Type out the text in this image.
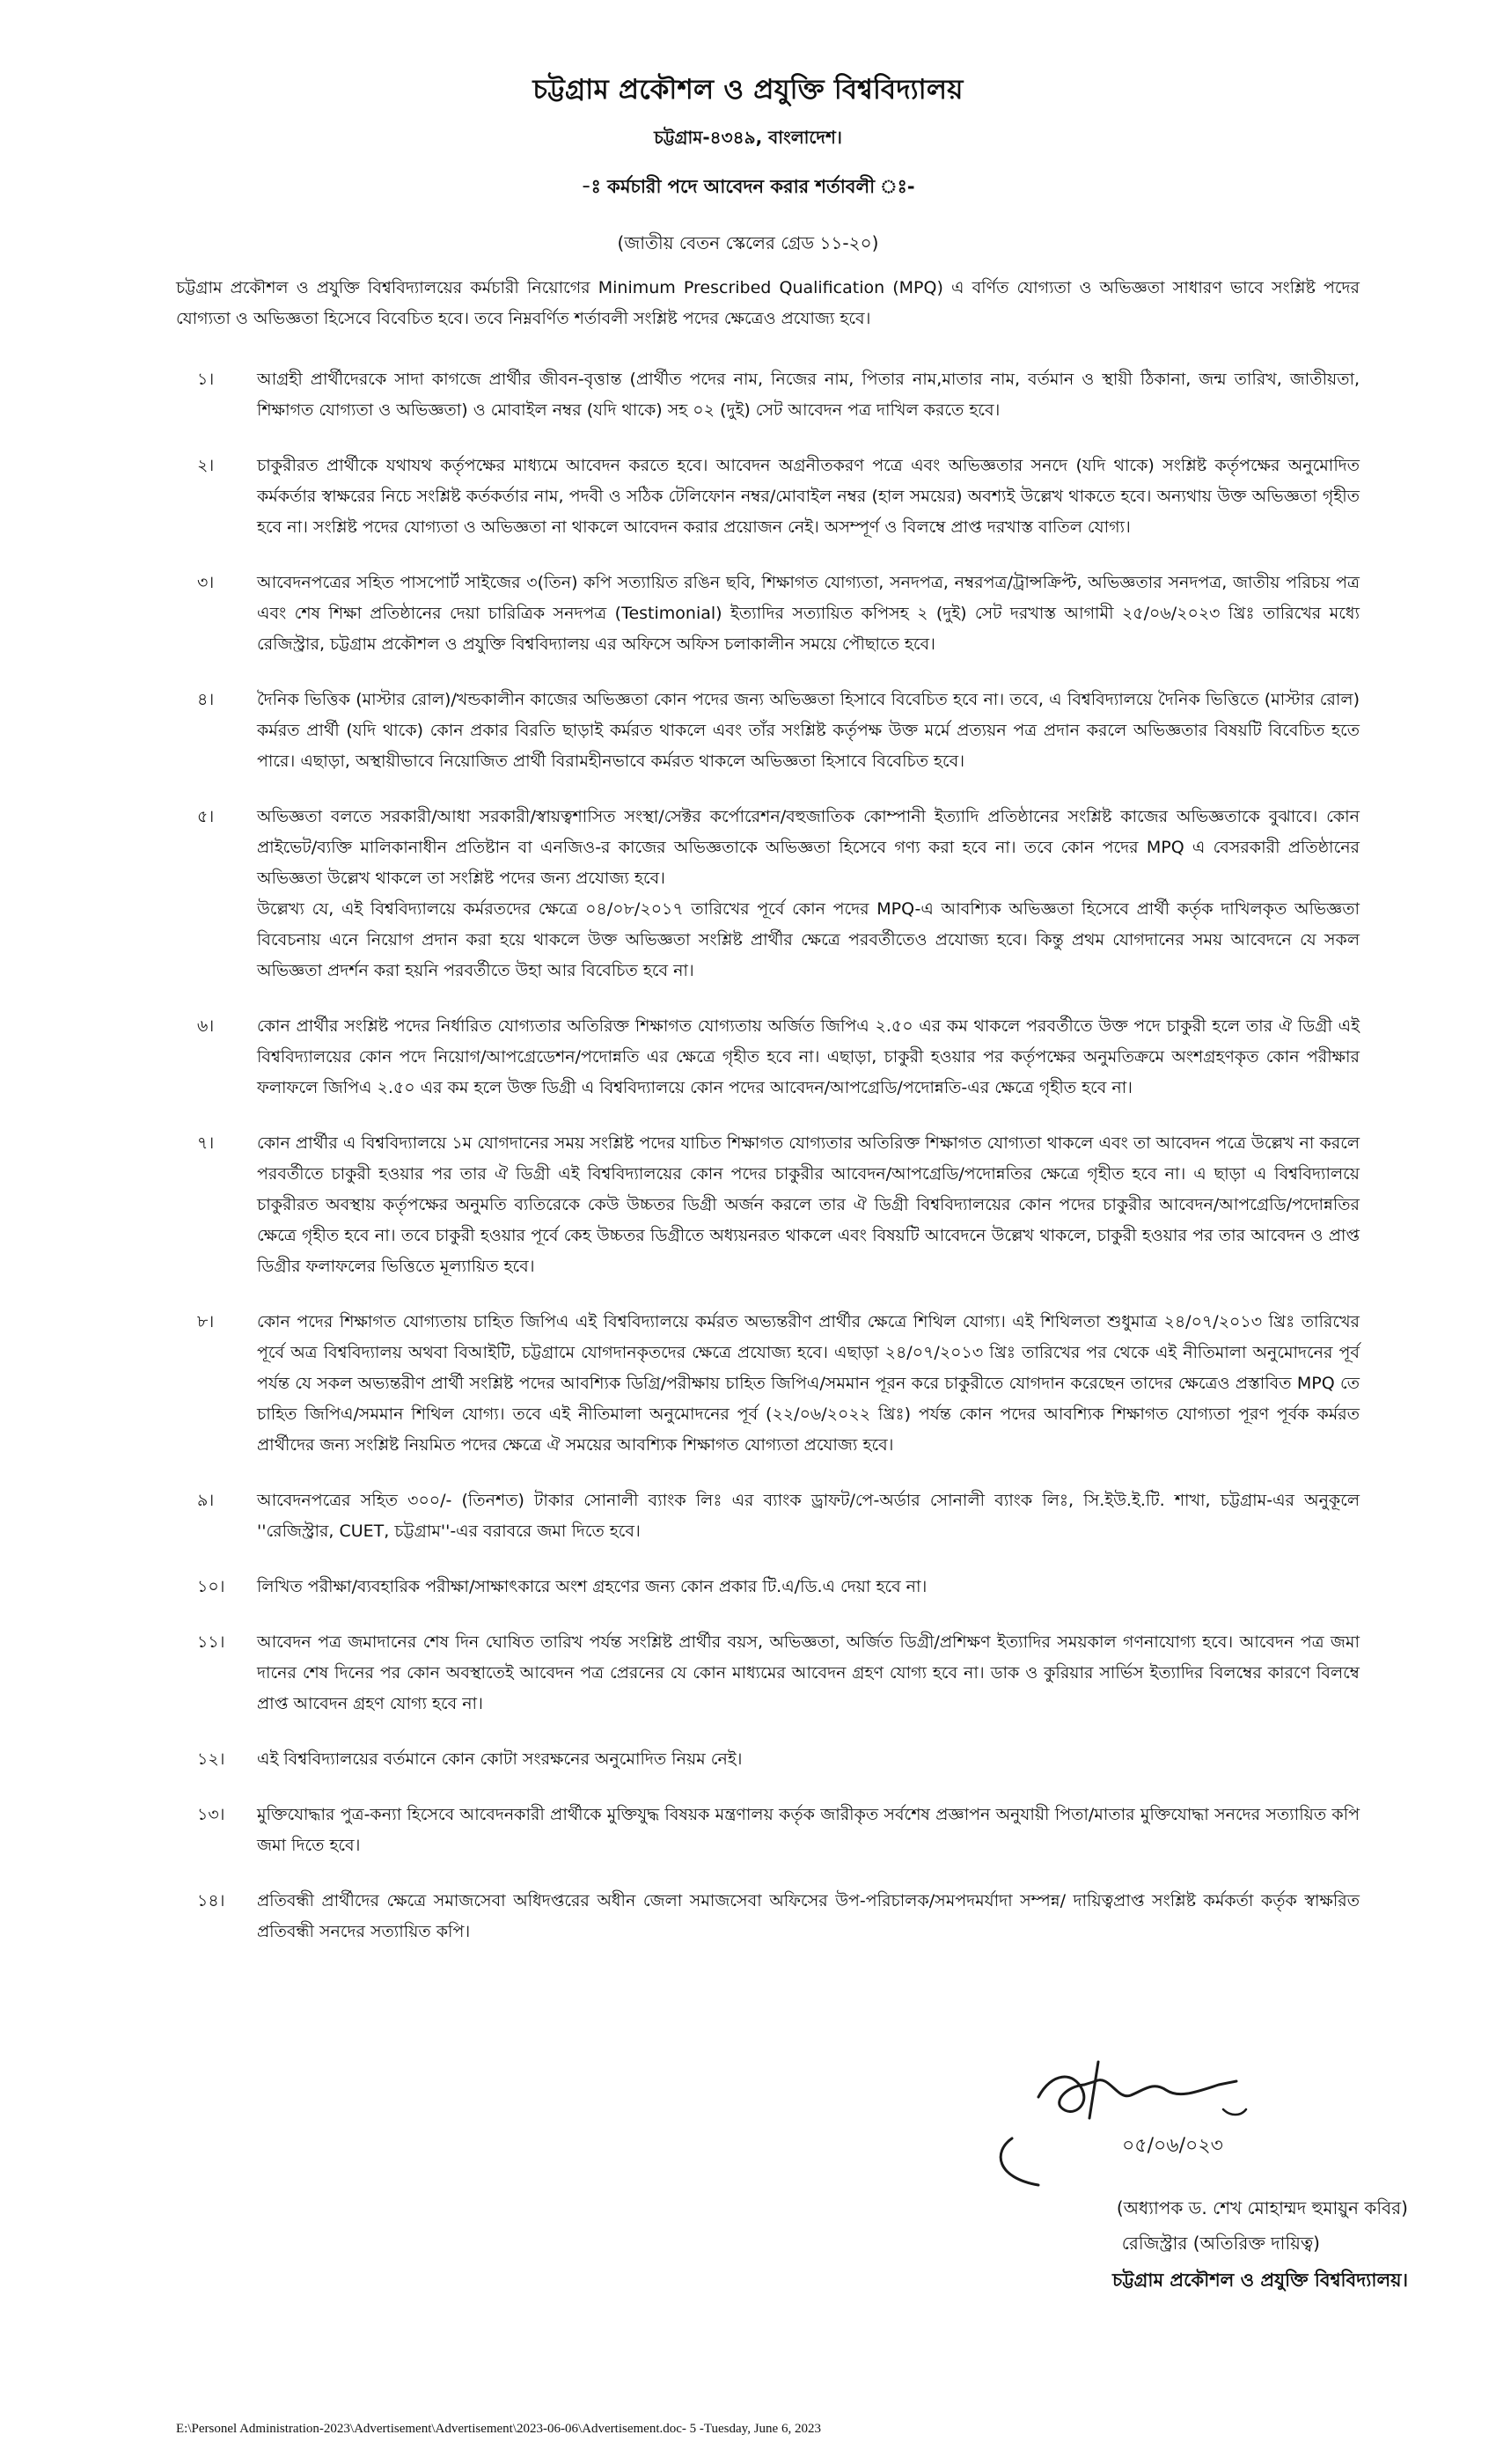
চট্টগ্রাম প্রকৌশল ও প্রযুক্তি বিশ্ববিদ্যালয়
চট্টগ্রাম-৪৩৪৯, বাংলাদেশ।
-ঃ কর্মচারী পদে আবেদন করার শর্তাবলী ঃ-
(জাতীয় বেতন স্কেলের গ্রেড ১১-২০)
চট্টগ্রাম প্রকৌশল ও প্রযুক্তি বিশ্ববিদ্যালয়ের কর্মচারী নিয়োগের Minimum Prescribed Qualification (MPQ) এ বর্ণিত যোগ্যতা ও অভিজ্ঞতা সাধারণ ভাবে সংশ্লিষ্ট পদের যোগ্যতা ও অভিজ্ঞতা হিসেবে বিবেচিত হবে। তবে নিম্নবর্ণিত শর্তাবলী সংশ্লিষ্ট পদের ক্ষেত্রেও প্রযোজ্য হবে।
১।	আগ্রহী প্রার্থীদেরকে সাদা কাগজে প্রার্থীর জীবন-বৃত্তান্ত (প্রার্থীত পদের নাম, নিজের নাম, পিতার নাম,মাতার নাম, বর্তমান ও স্থায়ী ঠিকানা, জন্ম তারিখ, জাতীয়তা, শিক্ষাগত যোগ্যতা ও অভিজ্ঞতা) ও মোবাইল নম্বর (যদি থাকে) সহ ০২ (দুই) সেট আবেদন পত্র দাখিল করতে হবে।
২।	চাকুরীরত প্রার্থীকে যথাযথ কর্তৃপক্ষের মাধ্যমে আবেদন করতে হবে। আবেদন অগ্রনীতকরণ পত্রে এবং অভিজ্ঞতার সনদে (যদি থাকে) সংশ্লিষ্ট কর্তৃপক্ষের অনুমোদিত কর্মকর্তার স্বাক্ষরের নিচে সংশ্লিষ্ট কর্তকর্তার নাম, পদবী ও সঠিক টেলিফোন নম্বর/মোবাইল নম্বর (হাল সময়ের) অবশ্যই উল্লেখ থাকতে হবে। অন্যথায় উক্ত অভিজ্ঞতা গৃহীত হবে না। সংশ্লিষ্ট পদের যোগ্যতা ও অভিজ্ঞতা না থাকলে আবেদন করার প্রয়োজন নেই। অসম্পূর্ণ ও বিলম্বে প্রাপ্ত দরখাস্ত বাতিল যোগ্য।
৩।	আবেদনপত্রের সহিত পাসপোর্ট সাইজের ৩(তিন) কপি সত্যায়িত রঙিন ছবি, শিক্ষাগত যোগ্যতা, সনদপত্র, নম্বরপত্র/ট্রান্সক্রিপ্ট, অভিজ্ঞতার সনদপত্র, জাতীয় পরিচয় পত্র এবং শেষ শিক্ষা প্রতিষ্ঠানের দেয়া চারিত্রিক সনদপত্র (Testimonial) ইত্যাদির সত্যায়িত কপিসহ ২ (দুই) সেট দরখাস্ত আগামী ২৫/০৬/২০২৩ খ্রিঃ তারিখের মধ্যে রেজিস্ট্রার, চট্টগ্রাম প্রকৌশল ও প্রযুক্তি বিশ্ববিদ্যালয় এর অফিসে অফিস চলাকালীন সময়ে পৌছাতে হবে।
৪।	দৈনিক ভিত্তিক (মাস্টার রোল)/খন্ডকালীন কাজের অভিজ্ঞতা কোন পদের জন্য অভিজ্ঞতা হিসাবে বিবেচিত হবে না। তবে, এ বিশ্ববিদ্যালয়ে দৈনিক ভিত্তিতে (মাস্টার রোল) কর্মরত প্রার্থী (যদি থাকে) কোন প্রকার বিরতি ছাড়াই কর্মরত থাকলে এবং তাঁর সংশ্লিষ্ট কর্তৃপক্ষ উক্ত মর্মে প্রত্যয়ন পত্র প্রদান করলে অভিজ্ঞতার বিষয়টি বিবেচিত হতে পারে। এছাড়া, অস্থায়ীভাবে নিয়োজিত প্রার্থী বিরামহীনভাবে কর্মরত থাকলে অভিজ্ঞতা হিসাবে বিবেচিত হবে।
৫।	অভিজ্ঞতা বলতে সরকারী/আধা সরকারী/স্বায়ত্বশাসিত সংস্থা/সেক্টর কর্পোরেশন/বহুজাতিক কোম্পানী ইত্যাদি প্রতিষ্ঠানের সংশ্লিষ্ট কাজের অভিজ্ঞতাকে বুঝাবে। কোন প্রাইভেট/ব্যক্তি মালিকানাধীন প্রতিষ্টান বা এনজিও-র কাজের অভিজ্ঞতাকে অভিজ্ঞতা হিসেবে গণ্য করা হবে না। তবে কোন পদের MPQ এ বেসরকারী প্রতিষ্ঠানের অভিজ্ঞতা উল্লেখ থাকলে তা সংশ্লিষ্ট পদের জন্য প্রযোজ্য হবে।
উল্লেখ্য যে, এই বিশ্ববিদ্যালয়ে কর্মরতদের ক্ষেত্রে ০৪/০৮/২০১৭ তারিখের পূর্বে কোন পদের MPQ-এ আবশ্যিক অভিজ্ঞতা হিসেবে প্রার্থী কর্তৃক দাখিলকৃত অভিজ্ঞতা বিবেচনায় এনে নিয়োগ প্রদান করা হয়ে থাকলে উক্ত অভিজ্ঞতা সংশ্লিষ্ট প্রার্থীর ক্ষেত্রে পরবর্তীতেও প্রযোজ্য হবে। কিন্তু প্রথম যোগদানের সময় আবেদনে যে সকল অভিজ্ঞতা প্রদর্শন করা হয়নি পরবর্তীতে উহা আর বিবেচিত হবে না।
৬।	কোন প্রার্থীর সংশ্লিষ্ট পদের নির্ধারিত যোগ্যতার অতিরিক্ত শিক্ষাগত যোগ্যতায় অর্জিত জিপিএ ২.৫০ এর কম থাকলে পরবর্তীতে উক্ত পদে চাকুরী হলে তার ঐ ডিগ্রী এই বিশ্ববিদ্যালয়ের কোন পদে নিয়োগ/আপগ্রেডেশন/পদোন্নতি এর ক্ষেত্রে গৃহীত হবে না। এছাড়া, চাকুরী হওয়ার পর কর্তৃপক্ষের অনুমতিক্রমে অংশগ্রহণকৃত কোন পরীক্ষার ফলাফলে জিপিএ ২.৫০ এর কম হলে উক্ত ডিগ্রী এ বিশ্ববিদ্যালয়ে কোন পদের আবেদন/আপগ্রেডি/পদোন্নতি-এর ক্ষেত্রে গৃহীত হবে না।
৭।	কোন প্রার্থীর এ বিশ্ববিদ্যালয়ে ১ম যোগদানের সময় সংশ্লিষ্ট পদের যাচিত শিক্ষাগত যোগ্যতার অতিরিক্ত শিক্ষাগত যোগ্যতা থাকলে এবং তা আবেদন পত্রে উল্লেখ না করলে পরবর্তীতে চাকুরী হওয়ার পর তার ঐ ডিগ্রী এই বিশ্ববিদ্যালয়ের কোন পদের চাকুরীর আবেদন/আপগ্রেডি/পদোন্নতির ক্ষেত্রে গৃহীত হবে না। এ ছাড়া এ বিশ্ববিদ্যালয়ে চাকুরীরত অবস্থায় কর্তৃপক্ষের অনুমতি ব্যতিরেকে কেউ উচ্চতর ডিগ্রী অর্জন করলে তার ঐ ডিগ্রী বিশ্ববিদ্যালয়ের কোন পদের চাকুরীর আবেদন/আপগ্রেডি/পদোন্নতির ক্ষেত্রে গৃহীত হবে না। তবে চাকুরী হওয়ার পূর্বে কেহ উচ্চতর ডিগ্রীতে অধ্যয়নরত থাকলে এবং বিষয়টি আবেদনে উল্লেখ থাকলে, চাকুরী হওয়ার পর তার আবেদন ও প্রাপ্ত ডিগ্রীর ফলাফলের ভিত্তিতে মূল্যায়িত হবে।
৮।	কোন পদের শিক্ষাগত যোগ্যতায় চাহিত জিপিএ এই বিশ্ববিদ্যালয়ে কর্মরত অভ্যন্তরীণ প্রার্থীর ক্ষেত্রে শিথিল যোগ্য। এই শিথিলতা শুধুমাত্র ২৪/০৭/২০১৩ খ্রিঃ তারিখের পূর্বে অত্র বিশ্ববিদ্যালয় অথবা বিআইটি, চট্টগ্রামে যোগদানকৃতদের ক্ষেত্রে প্রযোজ্য হবে। এছাড়া ২৪/০৭/২০১৩ খ্রিঃ তারিখের পর থেকে এই নীতিমালা অনুমোদনের পূর্ব পর্যন্ত যে সকল অভ্যন্তরীণ প্রার্থী সংশ্লিষ্ট পদের আবশ্যিক ডিগ্রি/পরীক্ষায় চাহিত জিপিএ/সমমান পূরন করে চাকুরীতে যোগদান করেছেন তাদের ক্ষেত্রেও প্রস্তাবিত MPQ তে চাহিত জিপিএ/সমমান শিথিল যোগ্য। তবে এই নীতিমালা অনুমোদনের পূর্ব (২২/০৬/২০২২ খ্রিঃ) পর্যন্ত কোন পদের আবশ্যিক শিক্ষাগত যোগ্যতা পূরণ পূর্বক কর্মরত প্রার্থীদের জন্য সংশ্লিষ্ট নিয়মিত পদের ক্ষেত্রে ঐ সময়ের আবশ্যিক শিক্ষাগত যোগ্যতা প্রযোজ্য হবে।
৯।	আবেদনপত্রের সহিত ৩০০/- (তিনশত) টাকার সোনালী ব্যাংক লিঃ এর ব্যাংক ড্রাফট/পে-অর্ডার সোনালী ব্যাংক লিঃ, সি.ইউ.ই.টি. শাখা, চট্টগ্রাম-এর অনুকূলে ''রেজিস্ট্রার, CUET, চট্টগ্রাম''-এর বরাবরে জমা দিতে হবে।
১০।	লিখিত পরীক্ষা/ব্যবহারিক পরীক্ষা/সাক্ষাৎকারে অংশ গ্রহণের জন্য কোন প্রকার টি.এ/ডি.এ দেয়া হবে না।
১১।	আবেদন পত্র জমাদানের শেষ দিন ঘোষিত তারিখ পর্যন্ত সংশ্লিষ্ট প্রার্থীর বয়স, অভিজ্ঞতা, অর্জিত ডিগ্রী/প্রশিক্ষণ ইত্যাদির সময়কাল গণনাযোগ্য হবে। আবেদন পত্র জমা দানের শেষ দিনের পর কোন অবস্থাতেই আবেদন পত্র প্রেরনের যে কোন মাধ্যমের আবেদন গ্রহণ যোগ্য হবে না। ডাক ও কুরিয়ার সার্ভিস ইত্যাদির বিলম্বের কারণে বিলম্বে প্রাপ্ত আবেদন গ্রহণ যোগ্য হবে না।
১২।	এই বিশ্ববিদ্যালয়ের বর্তমানে কোন কোটা সংরক্ষনের অনুমোদিত নিয়ম নেই।
১৩।	মুক্তিযোদ্ধার পুত্র-কন্যা হিসেবে আবেদনকারী প্রার্থীকে মুক্তিযুদ্ধ বিষয়ক মন্ত্রণালয় কর্তৃক জারীকৃত সর্বশেষ প্রজ্ঞাপন অনুযায়ী পিতা/মাতার মুক্তিযোদ্ধা সনদের সত্যায়িত কপি জমা দিতে হবে।
১৪।	প্রতিবন্ধী প্রার্থীদের ক্ষেত্রে সমাজসেবা অধিদপ্তরের অধীন জেলা সমাজসেবা অফিসের উপ-পরিচালক/সমপদমর্যাদা সম্পন্ন/ দায়িত্বপ্রাপ্ত সংশ্লিষ্ট কর্মকর্তা কর্তৃক স্বাক্ষরিত প্রতিবন্ধী সনদের সত্যায়িত কপি।
০৫/০৬/০২৩
(অধ্যাপক ড. শেখ মোহাম্মদ হুমায়ুন কবির)
রেজিস্ট্রার (অতিরিক্ত দায়িত্ব)
চট্টগ্রাম প্রকৌশল ও প্রযুক্তি বিশ্ববিদ্যালয়।
E:\Personel Administration-2023\Advertisement\Advertisement\2023-06-06\Advertisement.doc- 5 -Tuesday, June 6, 2023
